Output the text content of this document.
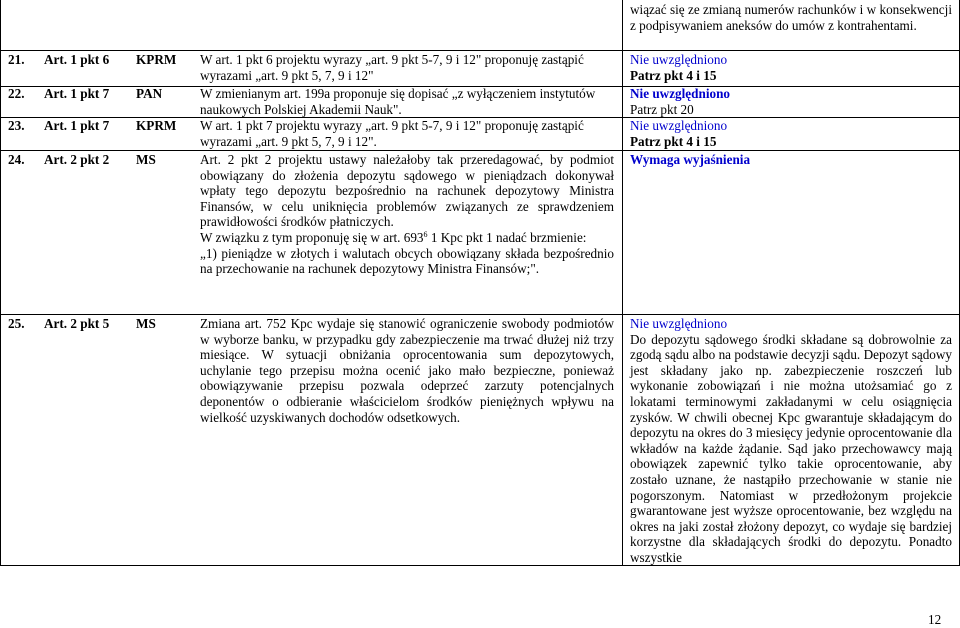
wiązać się ze zmianą numerów rachunków i w konsekwencji z podpisywaniem aneksów do umów z kontrahentami.
21.	Art. 1 pkt 6	KPRM	W art. 1 pkt 6 projektu wyrazy „art. 9 pkt 5-7, 9 i 12" proponuję zastąpić wyrazami „art. 9 pkt 5, 7, 9 i 12"
Nie uwzględniono
Patrz pkt 4 i 15
22.	Art. 1 pkt 7	PAN	W zmienianym art. 199a proponuje się dopisać „z wyłączeniem instytutów naukowych Polskiej Akademii Nauk".
Nie uwzględniono
Patrz pkt 20
23.	Art. 1 pkt 7	KPRM	W art. 1 pkt 7 projektu wyrazy „art. 9 pkt 5-7, 9 i 12" proponuję zastąpić wyrazami „art. 9 pkt 5, 7, 9 i 12".
Nie uwzględniono
Patrz pkt 4 i 15
24.	Art. 2 pkt 2	MS	Art. 2 pkt 2 projektu ustawy należałoby tak przeredagować, by podmiot obowiązany do złożenia depozytu sądowego w pieniądzach dokonywał wpłaty tego depozytu bezpośrednio na rachunek depozytowy Ministra Finansów, w celu uniknięcia problemów związanych ze sprawdzeniem prawidłowości środków płatniczych.

W związku z tym proponuję się w art. $693^6$ 1 Kpc pkt 1 nadać brzmienie:

„1) pieniądze w złotych i walutach obcych obowiązany składa bezpośrednio na przechowanie na rachunek depozytowy Ministra Finansów;".

Wymaga wyjaśnienia
25.	Art. 2 pkt 5	MS	Zmiana art. 752 Kpc wydaje się stanowić ograniczenie swobody podmiotów w wyborze banku, w przypadku gdy zabezpieczenie ma trwać dłużej niż trzy miesiące. W sytuacji obniżania oprocentowania sum depozytowych, uchylanie tego przepisu można ocenić jako mało bezpieczne, ponieważ obowiązywanie przepisu pozwala odeprzeć zarzuty potencjalnych deponentów o odbieranie właścicielom środków pieniężnych wpływu na wielkość uzyskiwanych dochodów odsetkowych.
Nie uwzględniono
Do depozytu sądowego środki składane są dobrowolnie za zgodą sądu albo na podstawie decyzji sądu. Depozyt sądowy jest składany jako np. zabezpieczenie roszczeń lub wykonanie zobowiązań i nie można utożsamiać go z lokatami terminowymi zakładanymi w celu osiągnięcia zysków. W chwili obecnej Kpc gwarantuje składającym do depozytu na okres do 3 miesięcy jedynie oprocentowanie dla wkładów na każde żądanie. Sąd jako przechowawcy mają obowiązek zapewnić tylko takie oprocentowanie, aby zostało uznane, że nastąpiło przechowanie w stanie nie pogorszonym. Natomiast w przedłożonym projekcie gwarantowane jest wyższe oprocentowanie, bez względu na okres na jaki został złożony depozyt, co wydaje się bardziej korzystne dla składających środki do depozytu. Ponadto wszystkie
12
